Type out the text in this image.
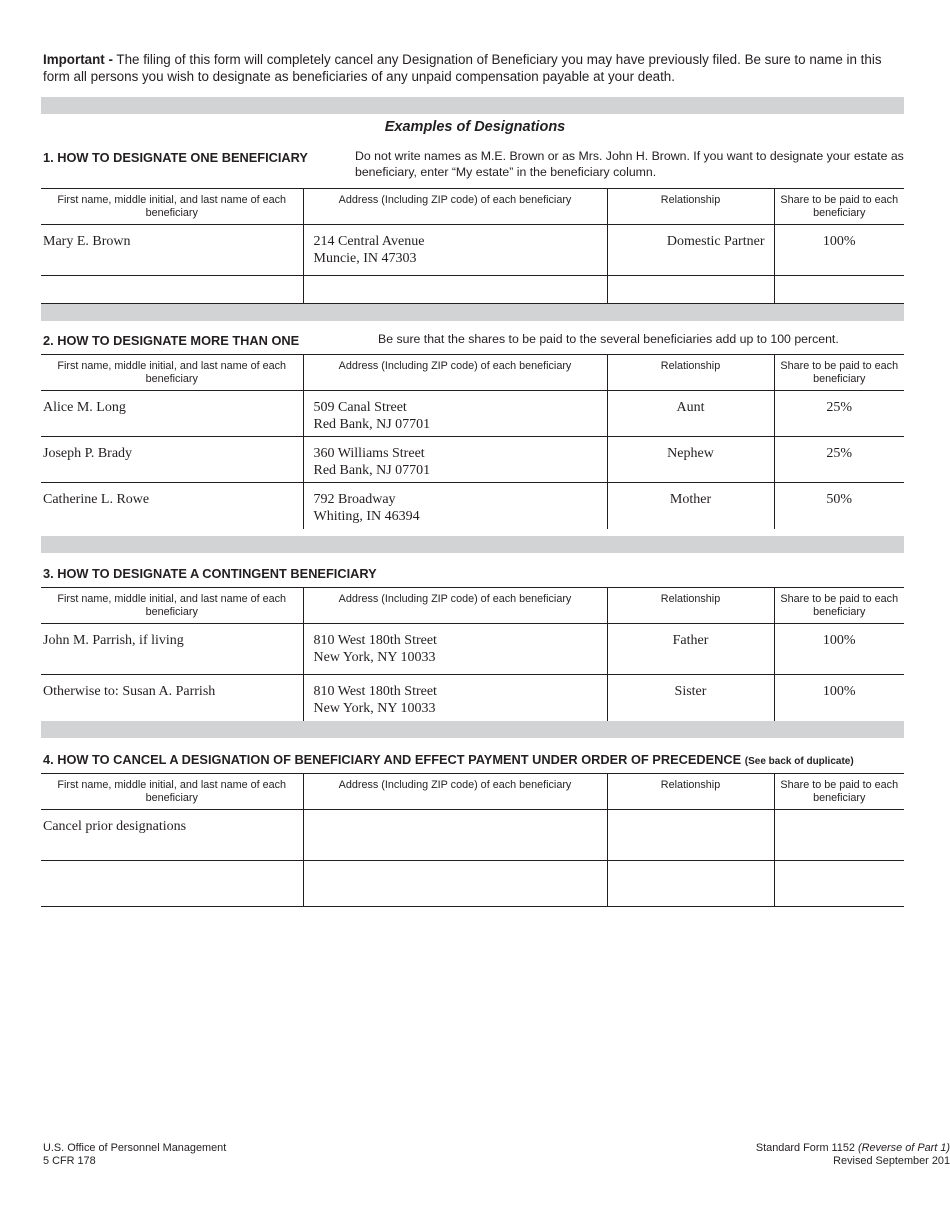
Important - The filing of this form will completely cancel any Designation of Beneficiary you may have previously filed. Be sure to name in this form all persons you wish to designate as beneficiaries of any unpaid compensation payable at your death.
Examples of Designations
1. HOW TO DESIGNATE ONE BENEFICIARY	Do not write names as M.E. Brown or as Mrs. John H. Brown. If you want to designate your estate as beneficiary, enter “My estate” in the beneficiary column.
First name, middle initial, and last name of each beneficiary	Address (Including ZIP code) of each beneficiary	Relationship	Share to be paid to each beneficiary
Mary E. Brown	214 Central Avenue
Muncie, IN 47303	Domestic Partner	100%

2. HOW TO DESIGNATE MORE THAN ONE	Be sure that the shares to be paid to the several beneficiaries add up to 100 percent.
First name, middle initial, and last name of each beneficiary	Address (Including ZIP code) of each beneficiary	Relationship	Share to be paid to each beneficiary
Alice M. Long	509 Canal Street
Red Bank, NJ 07701	Aunt	25%
Joseph P. Brady	360 Williams Street
Red Bank, NJ 07701	Nephew	25%
Catherine L. Rowe	792 Broadway
Whiting, IN 46394	Mother	50%
3. HOW TO DESIGNATE A CONTINGENT BENEFICIARY
First name, middle initial, and last name of each beneficiary	Address (Including ZIP code) of each beneficiary	Relationship	Share to be paid to each beneficiary
John M. Parrish, if living	810 West 180th Street
New York, NY 10033	Father	100%
Otherwise to: Susan A. Parrish	810 West 180th Street
New York, NY 10033	Sister	100%
4. HOW TO CANCEL A DESIGNATION OF BENEFICIARY AND EFFECT PAYMENT UNDER ORDER OF PRECEDENCE (See back of duplicate)
First name, middle initial, and last name of each beneficiary	Address (Including ZIP code) of each beneficiary	Relationship	Share to be paid to each beneficiary
Cancel prior designations			

U.S. Office of Personnel Management
5 CFR 178
Standard Form 1152 (Reverse of Part 1)
Revised September 201
